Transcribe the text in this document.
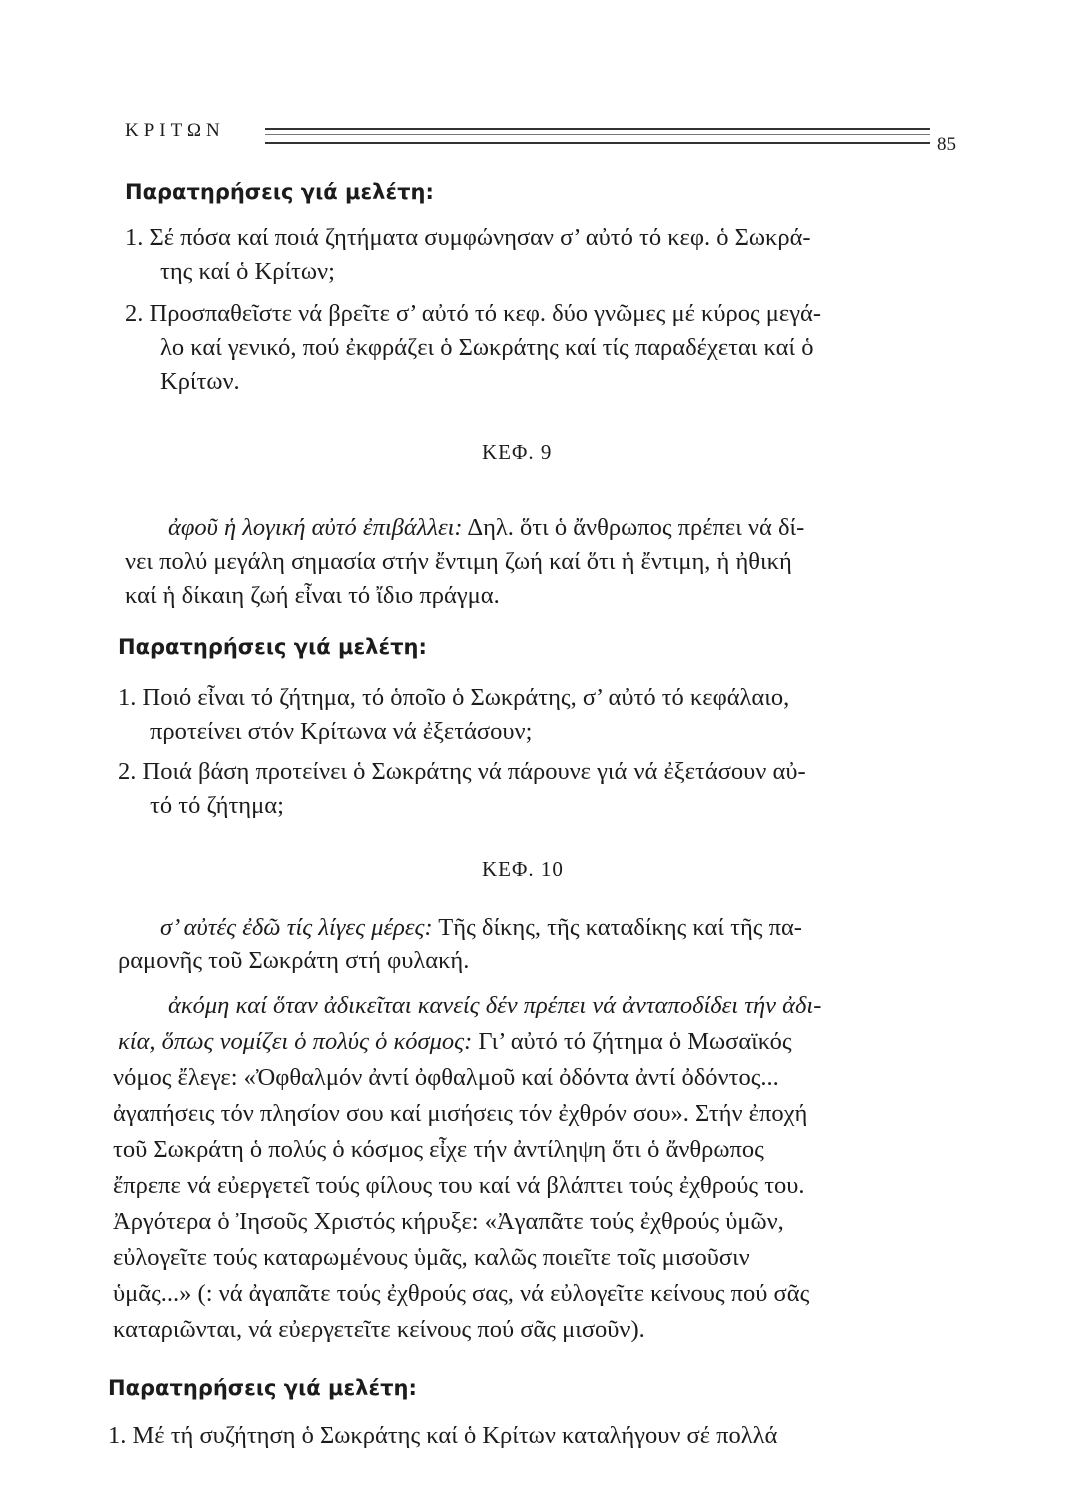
ΚΡΙΤΩΝ
85
Παρατηρήσεις γιά μελέτη:
1. Σέ πόσα καί ποιά ζητήματα συμφώνησαν σ’ αὐτό τό κεφ. ὁ Σωκρά-
της καί ὁ Κρίτων;
2. Προσπαθεῖστε νά βρεῖτε σ’ αὐτό τό κεφ. δύο γνῶμες μέ κύρος μεγά-
λο καί γενικό, πού ἐκφράζει ὁ Σωκράτης καί τίς παραδέχεται καί ὁ
Κρίτων.
ΚΕΦ. 9
ἀφοῦ ἡ λογική αὐτό ἐπιβάλλει: Δηλ. ὅτι ὁ ἄνθρωπος πρέπει νά δί-
νει πολύ μεγάλη σημασία στήν ἔντιμη ζωή καί ὅτι ἡ ἔντιμη, ἡ ἠθική
καί ἡ δίκαιη ζωή εἶναι τό ἴδιο πράγμα.
Παρατηρήσεις γιά μελέτη:
1. Ποιό εἶναι τό ζήτημα, τό ὁποῖο ὁ Σωκράτης, σ’ αὐτό τό κεφάλαιο,
προτείνει στόν Κρίτωνα νά ἐξετάσουν;
2. Ποιά βάση προτείνει ὁ Σωκράτης νά πάρουνε γιά νά ἐξετάσουν αὐ-
τό τό ζήτημα;
ΚΕΦ. 10
σ’ αὐτές ἐδῶ τίς λίγες μέρες: Τῆς δίκης, τῆς καταδίκης καί τῆς πα-
ραμονῆς τοῦ Σωκράτη στή φυλακή.
ἀκόμη καί ὅταν ἀδικεῖται κανείς δέν πρέπει νά ἀνταποδίδει τήν ἀδι-
κία, ὅπως νομίζει ὁ πολύς ὁ κόσμος: Γι’ αὐτό τό ζήτημα ὁ Μωσαϊκός
νόμος ἔλεγε: «Ὀφθαλμόν ἀντί ὀφθαλμοῦ καί ὀδόντα ἀντί ὀδόντος...
ἀγαπήσεις τόν πλησίον σου καί μισήσεις τόν ἐχθρόν σου». Στήν ἐποχή
τοῦ Σωκράτη ὁ πολύς ὁ κόσμος εἶχε τήν ἀντίληψη ὅτι ὁ ἄνθρωπος
ἔπρεπε νά εὐεργετεῖ τούς φίλους του καί νά βλάπτει τούς ἐχθρούς του.
Ἀργότερα ὁ Ἰησοῦς Χριστός κήρυξε: «Ἀγαπᾶτε τούς ἐχθρούς ὑμῶν,
εὐλογεῖτε τούς καταρωμένους ὑμᾶς, καλῶς ποιεῖτε τοῖς μισοῦσιν
ὑμᾶς...» (: νά ἀγαπᾶτε τούς ἐχθρούς σας, νά εὐλογεῖτε κείνους πού σᾶς
καταριῶνται, νά εὐεργετεῖτε κείνους πού σᾶς μισοῦν).
Παρατηρήσεις γιά μελέτη:
1. Μέ τή συζήτηση ὁ Σωκράτης καί ὁ Κρίτων καταλήγουν σέ πολλά
